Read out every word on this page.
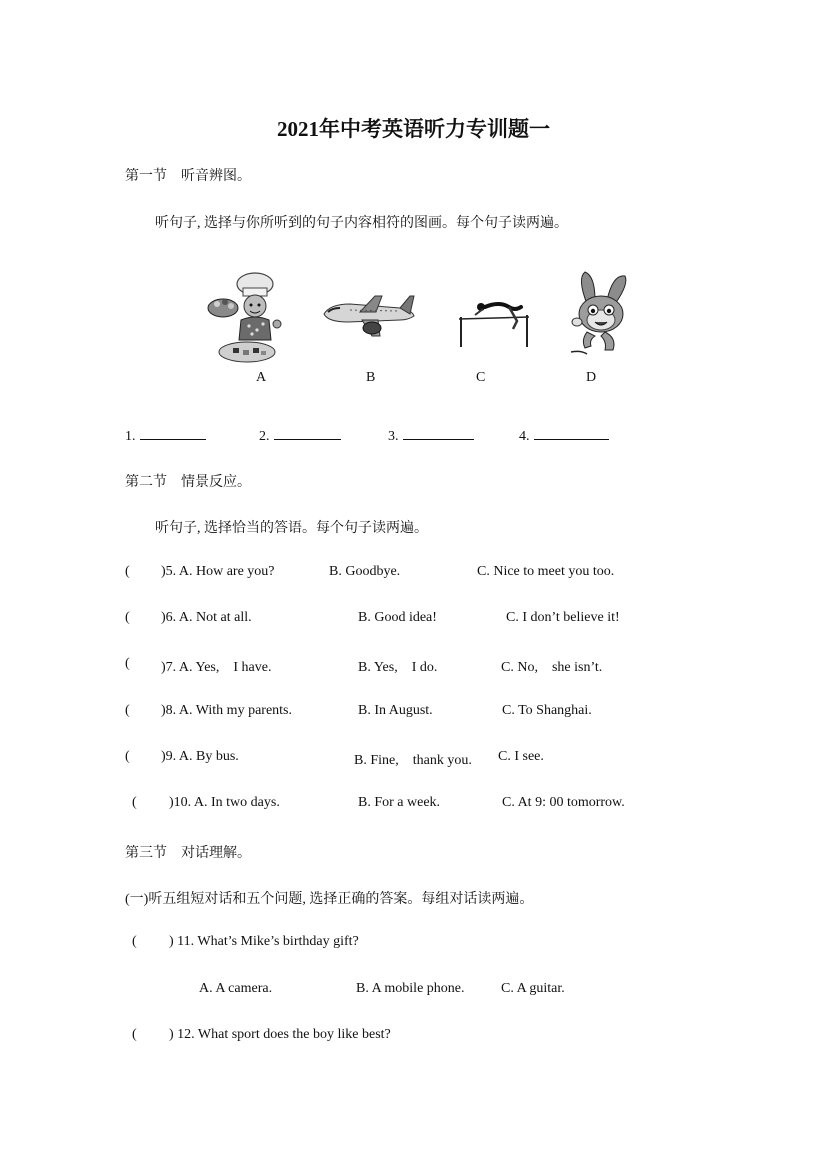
2021年中考英语听力专训题一
第一节　听音辨图。
听句子, 选择与你所听到的句子内容相符的图画。每个句子读两遍。
A	B	C	D
1.	2.	3.	4.
第二节　情景反应。
听句子, 选择恰当的答语。每个句子读两遍。
( )5. A. How are you?	B. Goodbye.	C. Nice to meet you too.
( )6. A. Not at all.	B. Good idea!	C. I don’t believe it!
( )7. A. Yes,　I have.	B. Yes,　I do.	C. No,　she isn’t.
( )8. A. With my parents.	B. In August.	C. To Shanghai.
( )9. A. By bus.	B. Fine,　thank you. C. I see.
( )10. A. In two days.	B. For a week.	C. At 9: 00 tomorrow.
第三节　对话理解。
(一)听五组短对话和五个问题, 选择正确的答案。每组对话读两遍。
( ) 11. What’s Mike’s birthday gift?
A. A camera.	B. A mobile phone.	C. A guitar.
( ) 12. What sport does the boy like best?
